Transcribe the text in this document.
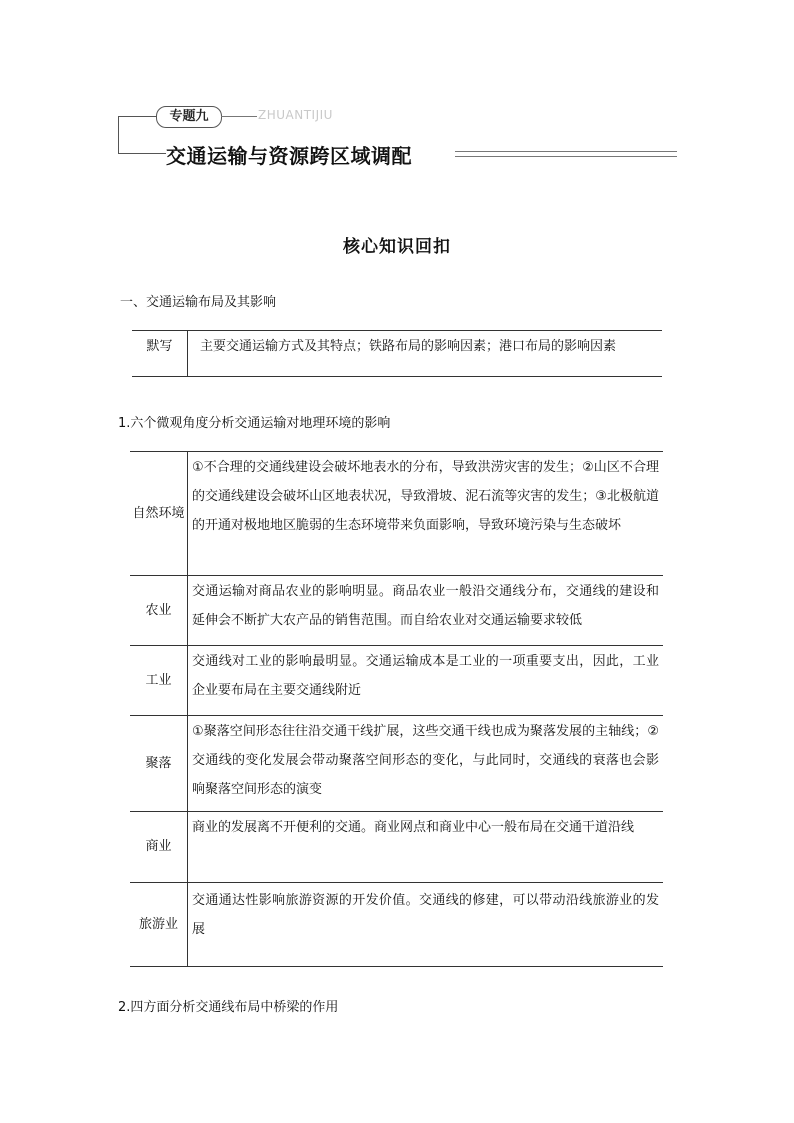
专题九	ZHUANTIJIU
交通运输与资源跨区域调配
核心知识回扣
一、交通运输布局及其影响
默写	主要交通运输方式及其特点；铁路布局的影响因素；港口布局的影响因素
1.六个微观角度分析交通运输对地理环境的影响
自然环境	①不合理的交通线建设会破坏地表水的分布，导致洪涝灾害的发生；②山区不合理的交通线建设会破坏山区地表状况，导致滑坡、泥石流等灾害的发生；③北极航道的开通对极地地区脆弱的生态环境带来负面影响，导致环境污染与生态破坏
农业	交通运输对商品农业的影响明显。商品农业一般沿交通线分布，交通线的建设和延伸会不断扩大农产品的销售范围。而自给农业对交通运输要求较低
工业	交通线对工业的影响最明显。交通运输成本是工业的一项重要支出，因此，工业企业要布局在主要交通线附近
聚落	①聚落空间形态往往沿交通干线扩展，这些交通干线也成为聚落发展的主轴线；②交通线的变化发展会带动聚落空间形态的变化，与此同时，交通线的衰落也会影响聚落空间形态的演变
商业	商业的发展离不开便利的交通。商业网点和商业中心一般布局在交通干道沿线
旅游业	交通通达性影响旅游资源的开发价值。交通线的修建，可以带动沿线旅游业的发展
2.四方面分析交通线布局中桥梁的作用
